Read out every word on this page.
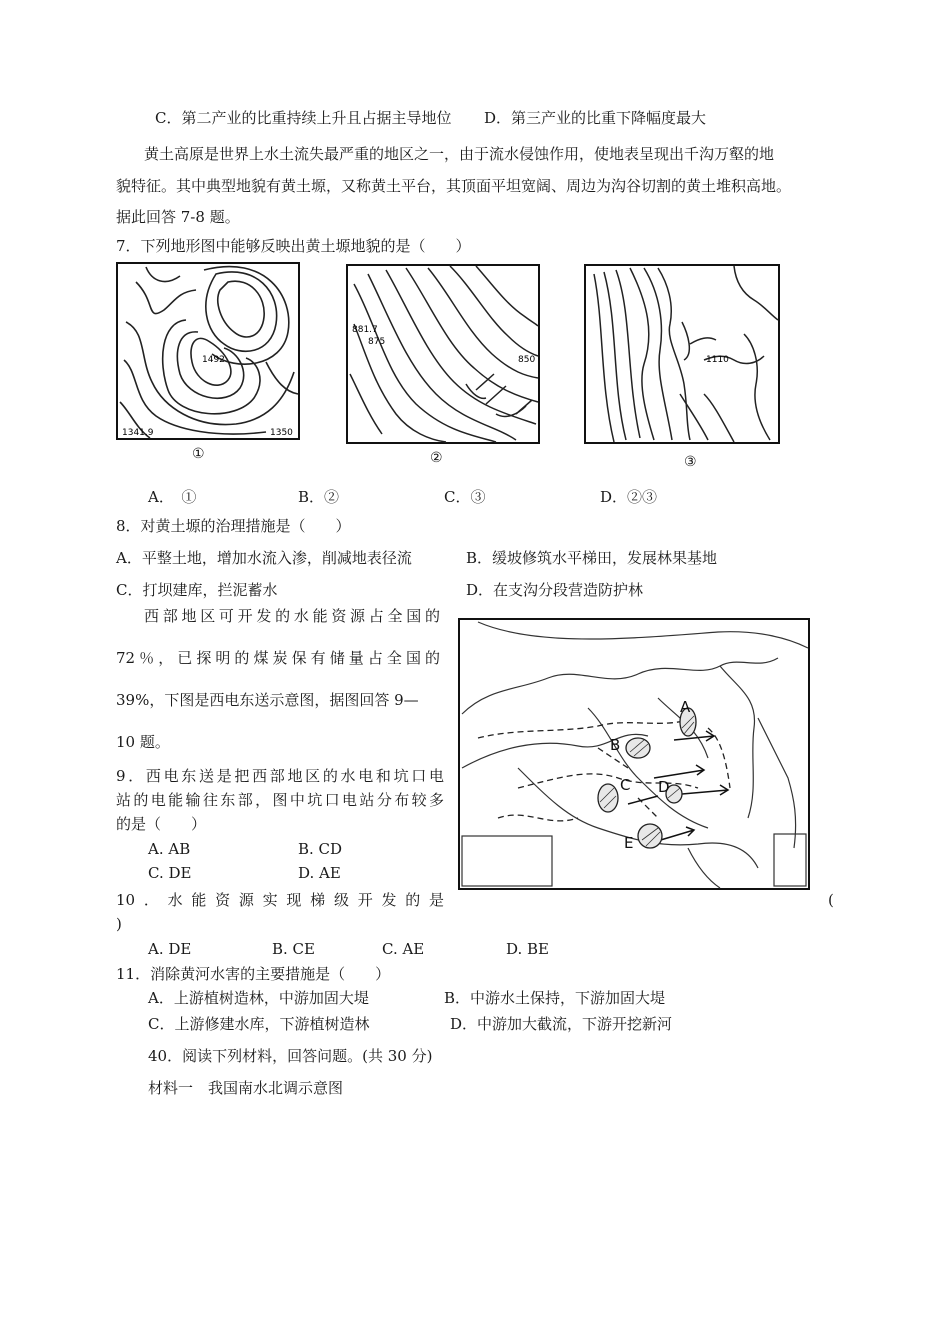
C．第二产业的比重持续上升且占据主导地位 D．第三产业的比重下降幅度最大
黄土高原是世界上水土流失最严重的地区之一，由于流水侵蚀作用，使地表呈现出千沟万壑的地
貌特征。其中典型地貌有黄土塬，又称黄土平台，其顶面平坦宽阔、周边为沟谷切割的黄土堆积高地。
据此回答 7-8 题。
7．下列地形图中能够反映出黄土塬地貌的是（　　）
1341.9
1492
1350
①
881.7
875
850
②
1110
③
A．　①	B．②	C．③	D．②③
8．对黄土塬的治理措施是（　　）
A．平整土地，增加水流入渗，削减地表径流	B．缓坡修筑水平梯田，发展林果基地
C．打坝建库，拦泥蓄水	D．在支沟分段营造防护林
西部地区可开发的水能资源占全国的
72％，已探明的煤炭保有储量占全国的
39%，下图是西电东送示意图，据图回答 9—
10 题。
A
B
C D
E
9．西电东送是把西部地区的水电和坑口电
站的电能输往东部，图中坑口电站分布较多
的是（　　）
A. AB	B. CD
C. DE	D. AE
10．水能资源实现梯级开发的是	(
)
A. DE	B. CE	C. AE	D. BE
11．消除黄河水害的主要措施是（　　）
A．上游植树造林，中游加固大堤	B．中游水土保持，下游加固大堤
C．上游修建水库，下游植树造林	D．中游加大截流，下游开挖新河
40．阅读下列材料，回答问题。(共 30 分)
材料一　我国南水北调示意图
